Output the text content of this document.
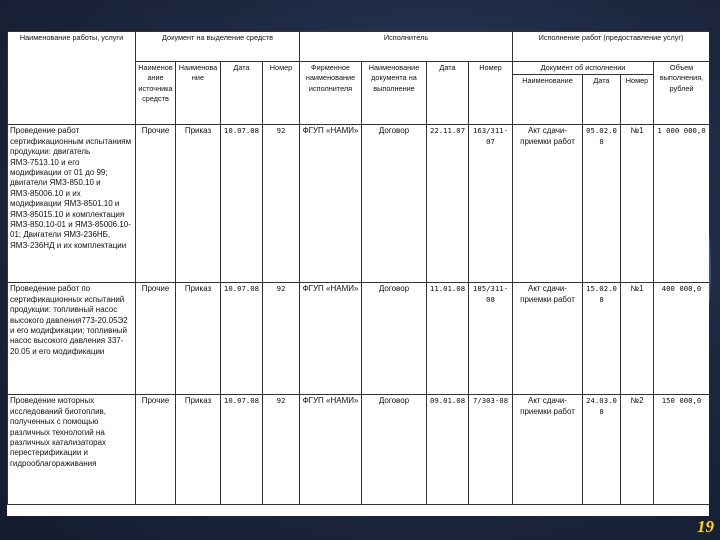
Наименование работы, услуги	Документ на выделение средств				Исполнитель				Исполнение работ (предоставление услуг)			
	Наименование источника средств	Наименование	Дата	Номер	Фирменное наименование исполнителя	Наименование документа на выполнение	Дата	Номер	Документ об исполнении			Объем выполнения, рублей
									Наименование	Дата	Номер	
Проведение работ сертификационным испытаниям продукции: двигатель ЯМЗ-7513.10 и его модификации от 01 до 99; двигатели ЯМЗ-850.10 и ЯМЗ-85006.10 и их модификации ЯМЗ-8501.10 и ЯМЗ-85015.10 и комплектация ЯМЗ-850.10-01 и ЯМЗ-85006.10-01; Двигатели ЯМЗ-236НБ, ЯМЗ-236НД и их комплектации	Прочие	Приказ	10.07.08	92	ФГУП «НАМИ»	Договор	22.11.07	163/311-07	Акт сдачи-приемки работ	05.02.08	№1	1 000 000,0
Проведение работ по сертификационных испытаний продукции: топливный насос высокого давления773-20.05Э2 и его модификации; топливный насос высокого давления 337-20.05 и его модификации	Прочие	Приказ	10.07.08	92	ФГУП «НАМИ»	Договор	11.01.08	185/311-08	Акт сдачи-приемки работ	15.02.08	№1	400 000,0
Проведение моторных исследований биотоплив, полученных с помощью различных технологий на различных катализаторах перестерификации и гидрооблагораживания	Прочие	Приказ	10.07.08	92	ФГУП «НАМИ»	Договор	09.01.08	7/303-08	Акт сдачи-приемки работ	24.03.08	№2	150 000,0
19
